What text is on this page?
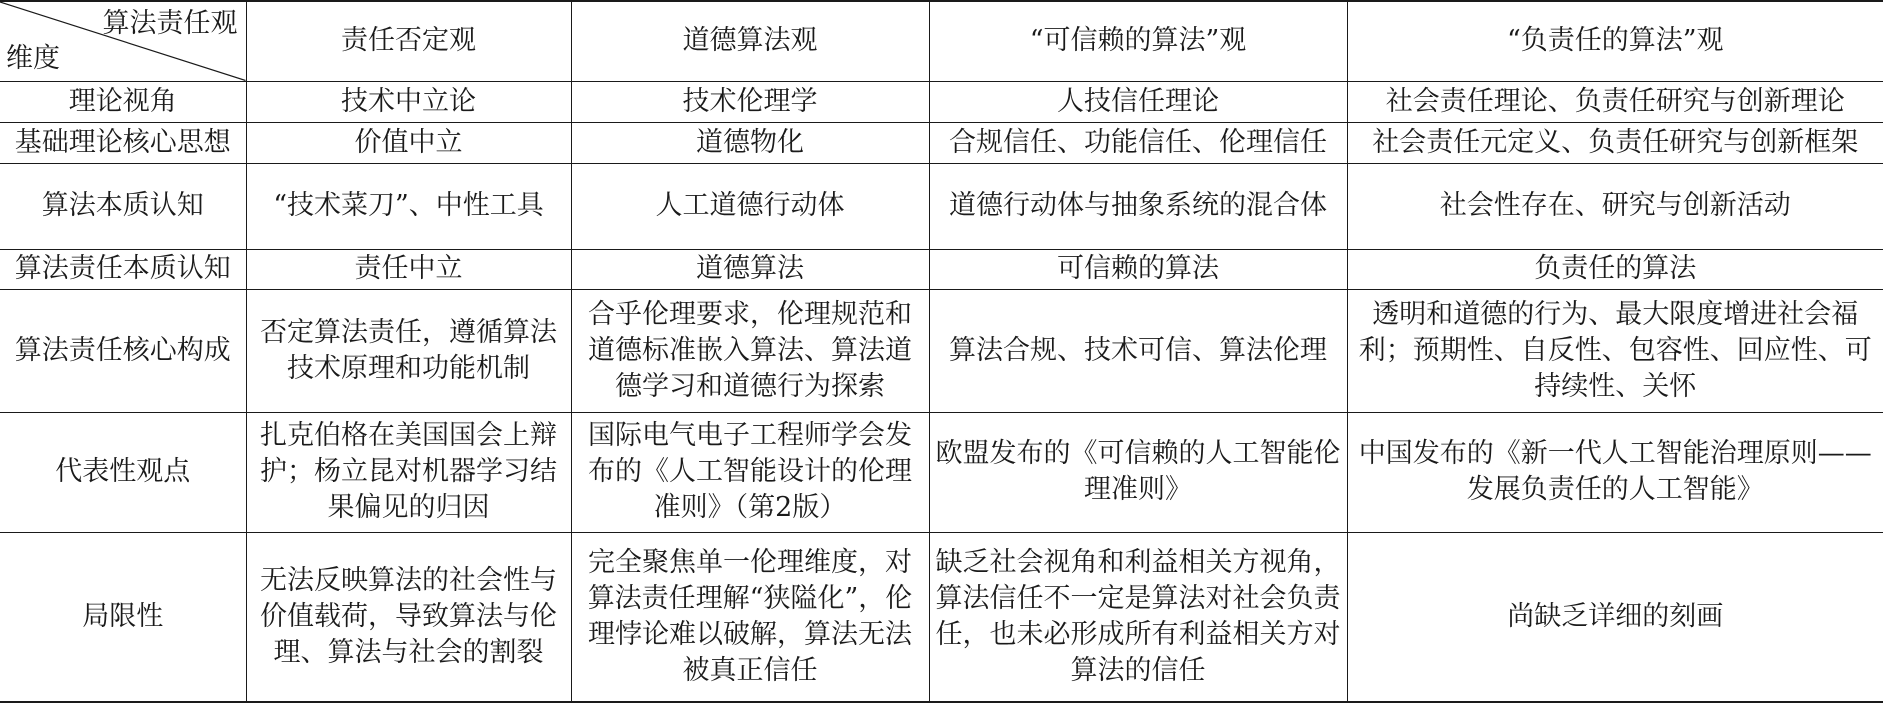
算法责任观
维度	责任否定观	道德算法观	“可信赖的算法”观	“负责任的算法”观
理论视角	技术中立论	技术伦理学	人技信任理论	社会责任理论、负责任研究与创新理论
基础理论核心思想	价值中立	道德物化	合规信任、功能信任、伦理信任	社会责任元定义、负责任研究与创新框架
算法本质认知	“技术菜刀”、中性工具	人工道德行动体	道德行动体与抽象系统的混合体	社会性存在、研究与创新活动
算法责任本质认知	责任中立	道德算法	可信赖的算法	负责任的算法
算法责任核心构成	否定算法责任，遵循算法技术原理和功能机制	合乎伦理要求，伦理规范和道德标准嵌入算法、算法道德学习和道德行为探索	算法合规、技术可信、算法伦理	透明和道德的行为、最大限度增进社会福利；预期性、自反性、包容性、回应性、可持续性、关怀
代表性观点	扎克伯格在美国国会上辩护；杨立昆对机器学习结果偏见的归因	国际电气电子工程师学会发布的《人工智能设计的伦理准则》（第2版）	欧盟发布的《可信赖的人工智能伦理准则》	中国发布的《新一代人工智能治理原则——发展负责任的人工智能》
局限性	无法反映算法的社会性与价值载荷，导致算法与伦理、算法与社会的割裂	完全聚焦单一伦理维度，对算法责任理解“狭隘化”，伦理悖论难以破解，算法无法被真正信任	缺乏社会视角和利益相关方视角，算法信任不一定是算法对社会负责任，也未必形成所有利益相关方对算法的信任	尚缺乏详细的刻画
